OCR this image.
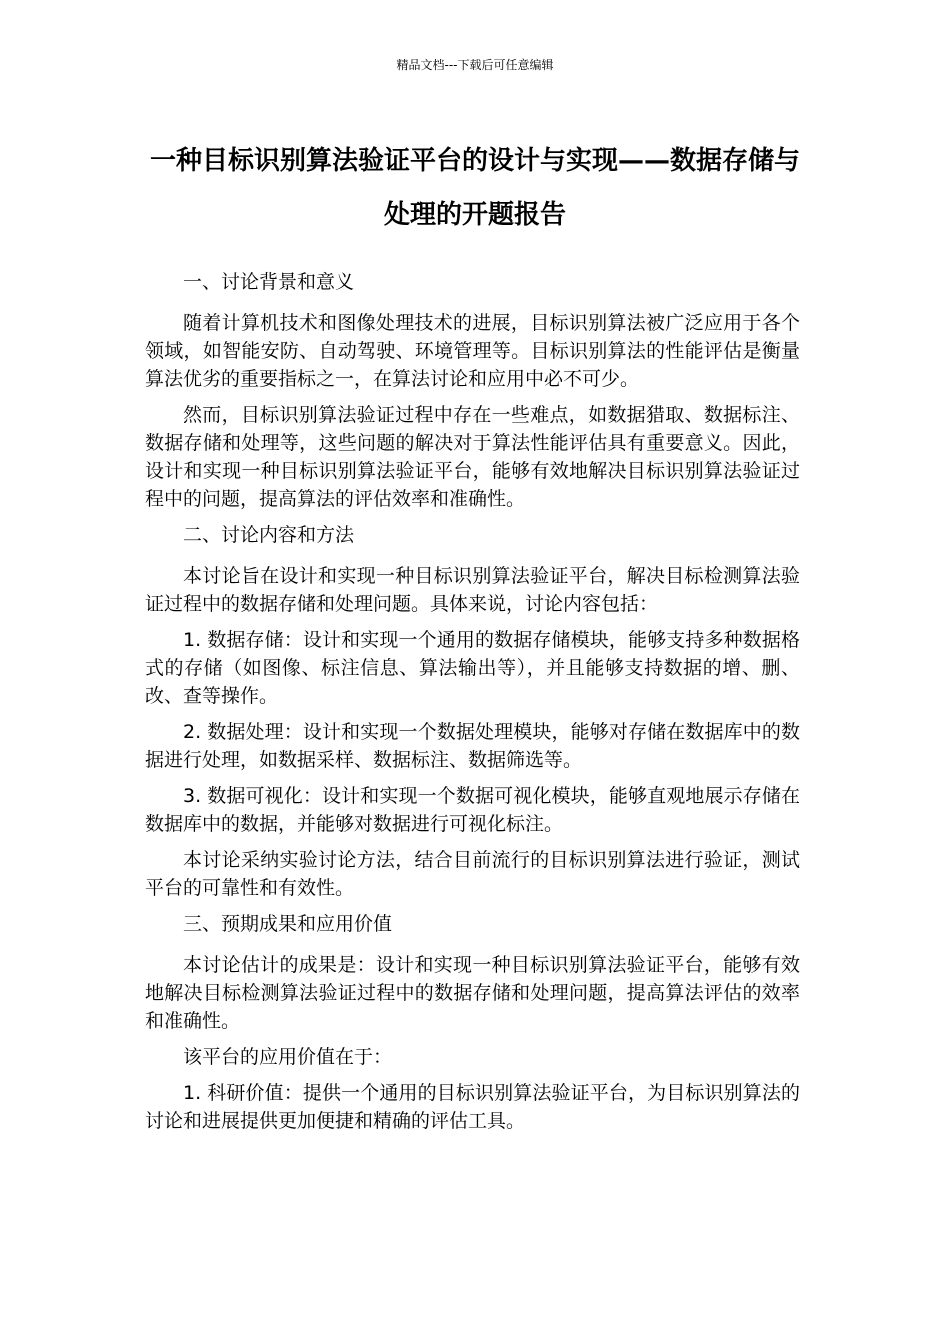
精品文档---下载后可任意编辑
一种目标识别算法验证平台的设计与实现——数据存储与处理的开题报告

一、讨论背景和意义

随着计算机技术和图像处理技术的进展，目标识别算法被广泛应用于各个领域，如智能安防、自动驾驶、环境管理等。目标识别算法的性能评估是衡量算法优劣的重要指标之一，在算法讨论和应用中必不可少。

然而，目标识别算法验证过程中存在一些难点，如数据猎取、数据标注、数据存储和处理等，这些问题的解决对于算法性能评估具有重要意义。因此，设计和实现一种目标识别算法验证平台，能够有效地解决目标识别算法验证过程中的问题，提高算法的评估效率和准确性。

二、讨论内容和方法

本讨论旨在设计和实现一种目标识别算法验证平台，解决目标检测算法验证过程中的数据存储和处理问题。具体来说，讨论内容包括：

1. 数据存储：设计和实现一个通用的数据存储模块，能够支持多种数据格式的存储（如图像、标注信息、算法输出等），并且能够支持数据的增、删、改、查等操作。

2. 数据处理：设计和实现一个数据处理模块，能够对存储在数据库中的数据进行处理，如数据采样、数据标注、数据筛选等。

3. 数据可视化：设计和实现一个数据可视化模块，能够直观地展示存储在数据库中的数据，并能够对数据进行可视化标注。

本讨论采纳实验讨论方法，结合目前流行的目标识别算法进行验证，测试平台的可靠性和有效性。

三、预期成果和应用价值

本讨论估计的成果是：设计和实现一种目标识别算法验证平台，能够有效地解决目标检测算法验证过程中的数据存储和处理问题，提高算法评估的效率和准确性。

该平台的应用价值在于：

1. 科研价值：提供一个通用的目标识别算法验证平台，为目标识别算法的讨论和进展提供更加便捷和精确的评估工具。
